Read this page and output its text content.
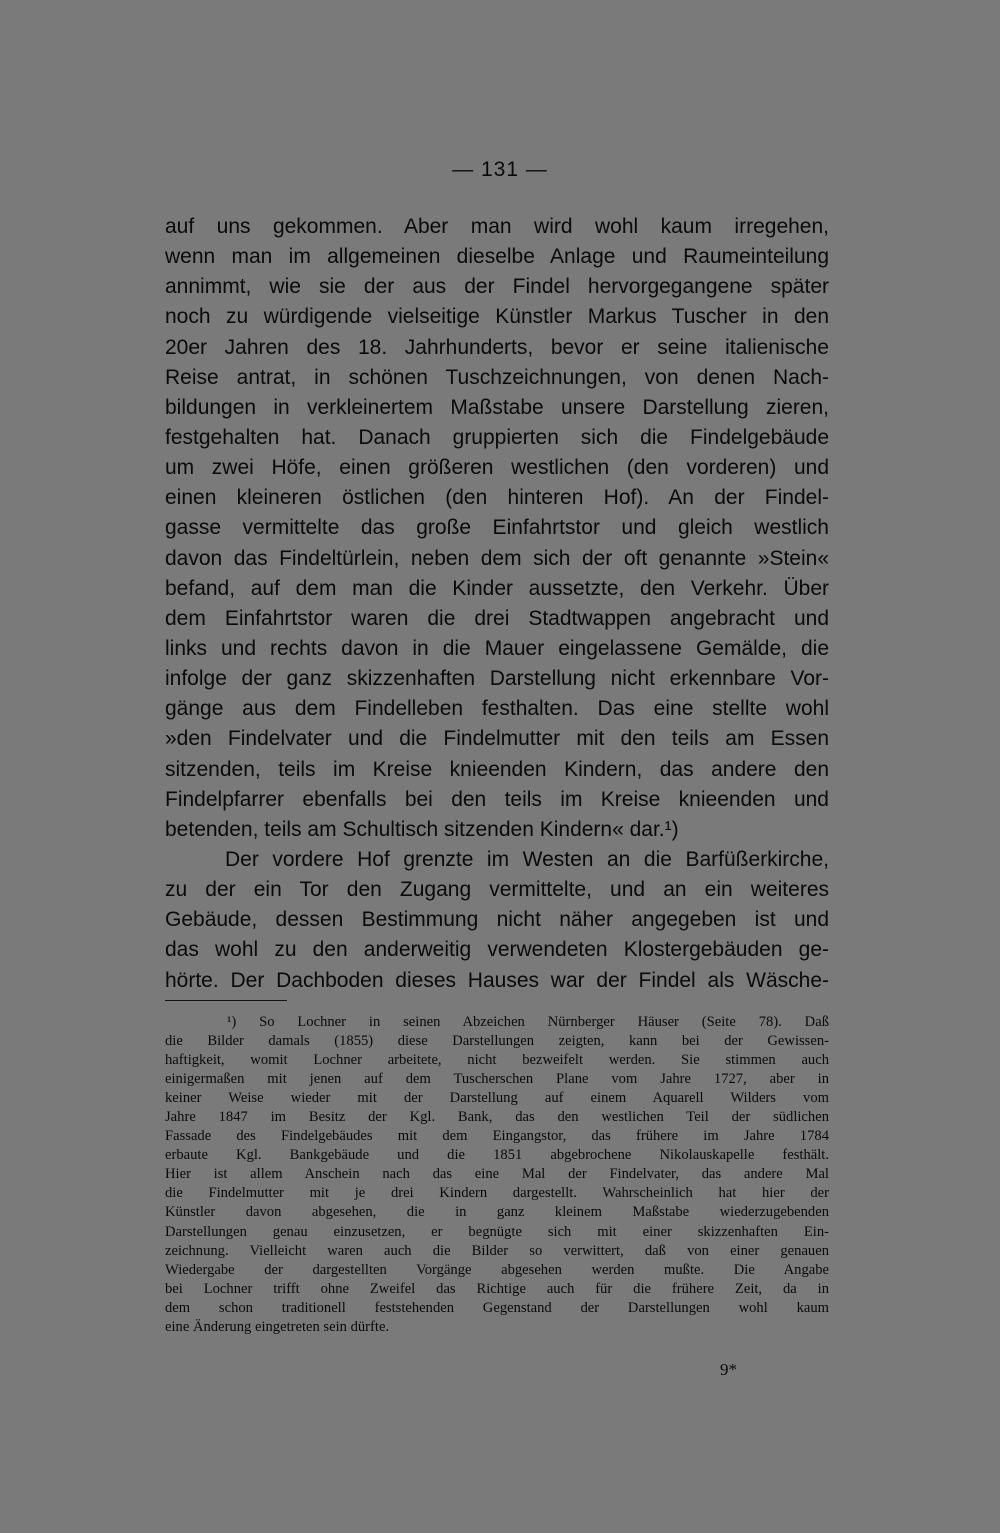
— 131 —
auf uns gekommen. Aber man wird wohl kaum irregehen,
wenn man im allgemeinen dieselbe Anlage und Raumeinteilung
annimmt, wie sie der aus der Findel hervorgegangene später
noch zu würdigende vielseitige Künstler Markus Tuscher in den
20er Jahren des 18. Jahrhunderts, bevor er seine italienische
Reise antrat, in schönen Tuschzeichnungen, von denen Nach-
bildungen in verkleinertem Maßstabe unsere Darstellung zieren,
festgehalten hat. Danach gruppierten sich die Findelgebäude
um zwei Höfe, einen größeren westlichen (den vorderen) und
einen kleineren östlichen (den hinteren Hof). An der Findel-
gasse vermittelte das große Einfahrtstor und gleich westlich
davon das Findeltürlein, neben dem sich der oft genannte »Stein«
befand, auf dem man die Kinder aussetzte, den Verkehr. Über
dem Einfahrtstor waren die drei Stadtwappen angebracht und
links und rechts davon in die Mauer eingelassene Gemälde, die
infolge der ganz skizzenhaften Darstellung nicht erkennbare Vor-
gänge aus dem Findelleben festhalten. Das eine stellte wohl
»den Findelvater und die Findelmutter mit den teils am Essen
sitzenden, teils im Kreise knieenden Kindern, das andere den
Findelpfarrer ebenfalls bei den teils im Kreise knieenden und
betenden, teils am Schultisch sitzenden Kindern« dar.¹)
Der vordere Hof grenzte im Westen an die Barfüßerkirche,
zu der ein Tor den Zugang vermittelte, und an ein weiteres
Gebäude, dessen Bestimmung nicht näher angegeben ist und
das wohl zu den anderweitig verwendeten Klostergebäuden ge-
hörte. Der Dachboden dieses Hauses war der Findel als Wäsche-
¹) So Lochner in seinen Abzeichen Nürnberger Häuser (Seite 78). Daß
die Bilder damals (1855) diese Darstellungen zeigten, kann bei der Gewissen-
haftigkeit, womit Lochner arbeitete, nicht bezweifelt werden. Sie stimmen auch
einigermaßen mit jenen auf dem Tuscherschen Plane vom Jahre 1727, aber in
keiner Weise wieder mit der Darstellung auf einem Aquarell Wilders vom
Jahre 1847 im Besitz der Kgl. Bank, das den westlichen Teil der südlichen
Fassade des Findelgebäudes mit dem Eingangstor, das frühere im Jahre 1784
erbaute Kgl. Bankgebäude und die 1851 abgebrochene Nikolauskapelle festhält.
Hier ist allem Anschein nach das eine Mal der Findelvater, das andere Mal
die Findelmutter mit je drei Kindern dargestellt. Wahrscheinlich hat hier der
Künstler davon abgesehen, die in ganz kleinem Maßstabe wiederzugebenden
Darstellungen genau einzusetzen, er begnügte sich mit einer skizzenhaften Ein-
zeichnung. Vielleicht waren auch die Bilder so verwittert, daß von einer genauen
Wiedergabe der dargestellten Vorgänge abgesehen werden mußte. Die Angabe
bei Lochner trifft ohne Zweifel das Richtige auch für die frühere Zeit, da in
dem schon traditionell feststehenden Gegenstand der Darstellungen wohl kaum
eine Änderung eingetreten sein dürfte.
9*
